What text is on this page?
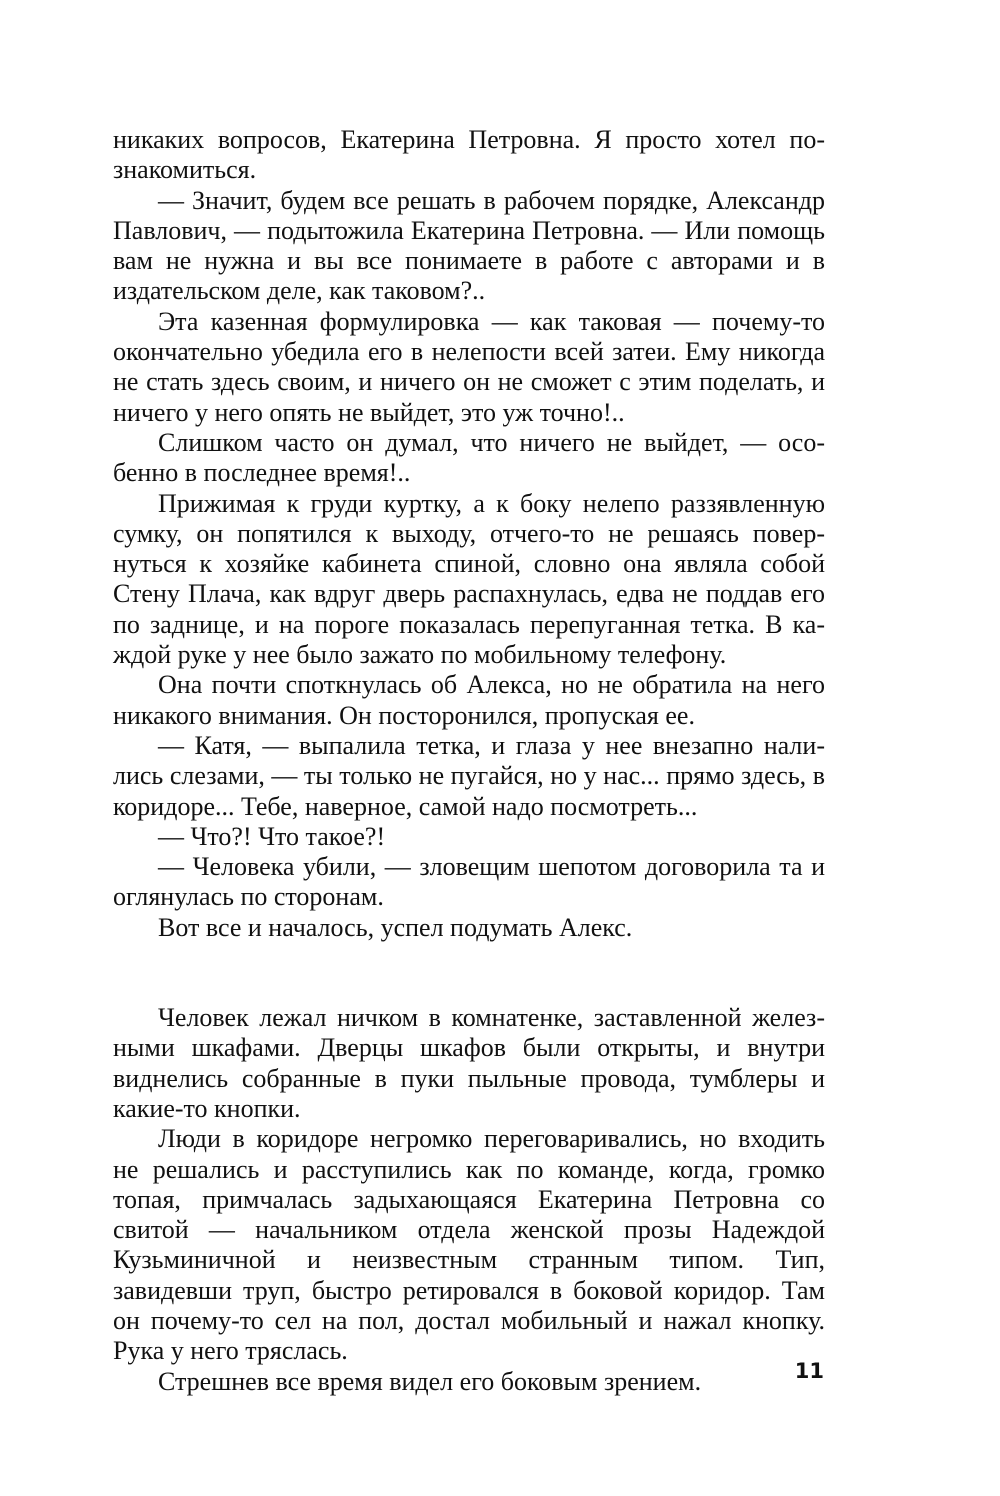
никаких вопросов, Екатерина Петровна. Я просто хотел познакомиться.

— Значит, будем все решать в рабочем порядке, Александр Павлович, — подытожила Екатерина Петровна. — Или помощь вам не нужна и вы все понимаете в работе с авторами и в издательском деле, как таковом?..

Эта казенная формулировка — как таковая — почему-то окончательно убедила его в нелепости всей затеи. Ему никогда не стать здесь своим, и ничего он не сможет с этим поделать, и ничего у него опять не выйдет, это уж точно!..

Слишком часто он думал, что ничего не выйдет, — особенно в последнее время!..

Прижимая к груди куртку, а к боку нелепо раззявленную сумку, он попятился к выходу, отчего-то не решаясь повернуться к хозяйке кабинета спиной, словно она являла собой Стену Плача, как вдруг дверь распахнулась, едва не поддав его по заднице, и на пороге показалась перепуганная тетка. В каждой руке у нее было зажато по мобильному телефону.

Она почти споткнулась об Алекса, но не обратила на него никакого внимания. Он посторонился, пропуская ее.

— Катя, — выпалила тетка, и глаза у нее внезапно налились слезами, — ты только не пугайся, но у нас... прямо здесь, в коридоре... Тебе, наверное, самой надо посмотреть...

— Что?! Что такое?!

— Человека убили, — зловещим шепотом договорила та и оглянулась по сторонам.

Вот все и началось, успел подумать Алекс.

Человек лежал ничком в комнатенке, заставленной железными шкафами. Дверцы шкафов были открыты, и внутри виднелись собранные в пуки пыльные провода, тумблеры и какие-то кнопки.

Люди в коридоре негромко переговаривались, но входить не решались и расступились как по команде, когда, громко топая, примчалась задыхающаяся Екатерина Петровна со свитой — начальником отдела женской прозы Надеждой Кузьминичной и неизвестным странным типом. Тип, завидевши труп, быстро ретировался в боковой коридор. Там он почему-то сел на пол, достал мобильный и нажал кнопку. Рука у него тряслась.

Стрешнев все время видел его боковым зрением.	11
